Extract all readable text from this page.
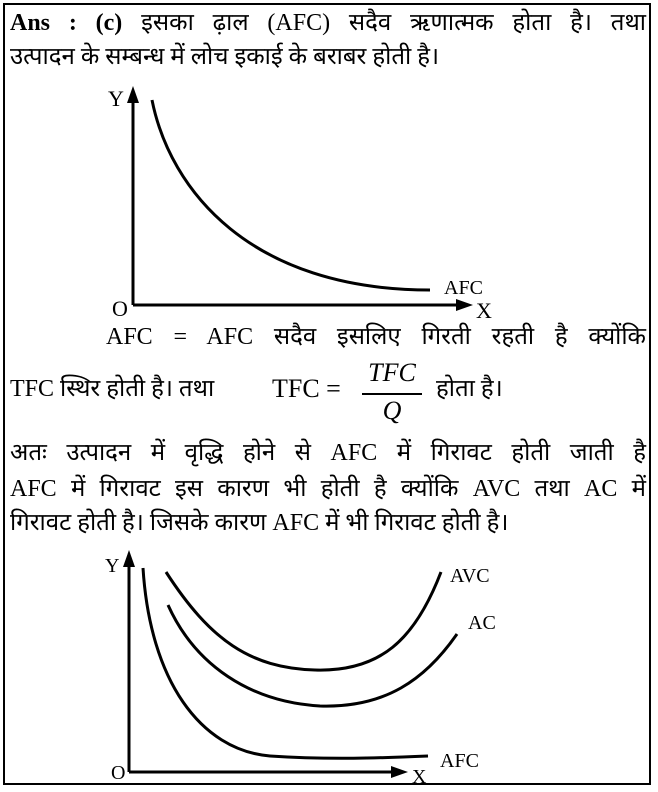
Ans : (c) इसका ढ़ाल (AFC) सदैव ऋणात्मक होता है। तथा
उत्पादन के सम्बन्ध में लोच इकाई के बराबर होती है।
Y
X
O
AFC
AFC = AFC सदैव इसलिए गिरती रहती है क्योंकि
TFC स्थिर होती है। तथा TFC =
TFC
Q
होता है।
अतः उत्पादन में वृद्धि होने से AFC में गिरावट होती जाती है
AFC में गिरावट इस कारण भी होती है क्योंकि AVC तथा AC में
गिरावट होती है। जिसके कारण AFC में भी गिरावट होती है।
Y
X
O
AVC
AC
AFC
